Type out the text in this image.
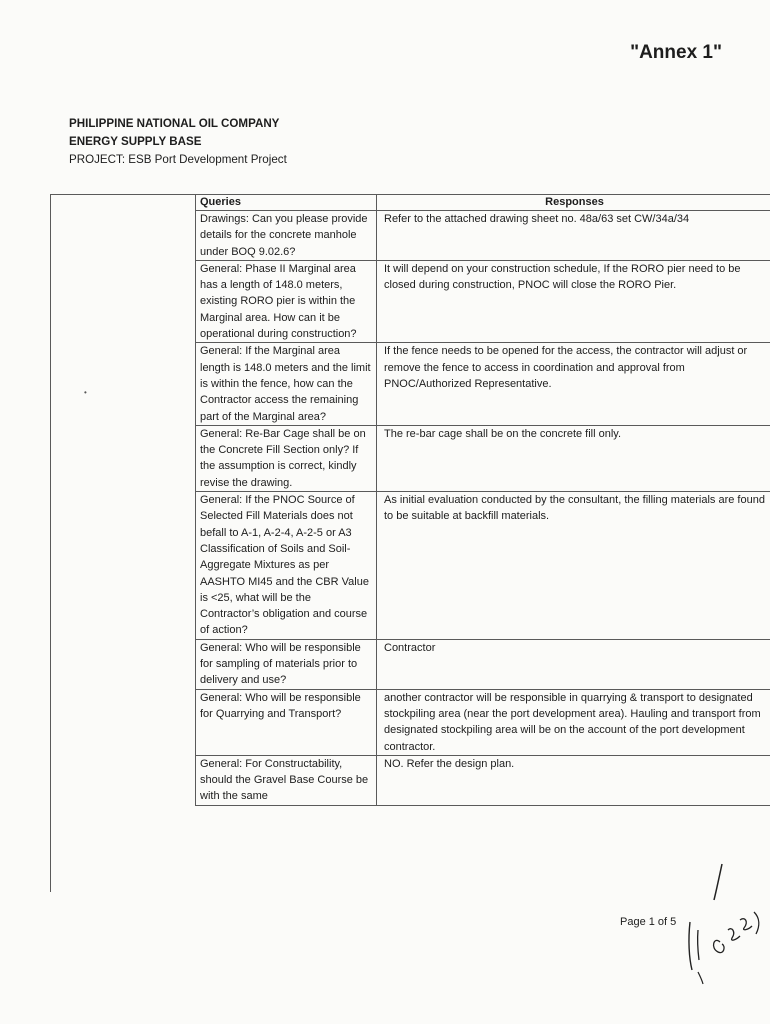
"Annex 1"
PHILIPPINE NATIONAL OIL COMPANY
ENERGY SUPPLY BASE
PROJECT: ESB Port Development Project
•
Queries	Responses
Drawings: Can you please provide details for the concrete manhole under BOQ 9.02.6?	Refer to the attached drawing sheet no. 48a/63 set CW/34a/34
General: Phase II Marginal area has a length of 148.0 meters, existing RORO pier is within the Marginal area. How can it be operational during construction?	It will depend on your construction schedule, If the RORO pier need to be closed during construction, PNOC will close the RORO Pier.
General: If the Marginal area length is 148.0 meters and the limit is within the fence, how can the Contractor access the remaining part of the Marginal area?	If the fence needs to be opened for the access, the contractor will adjust or remove the fence to access in coordination and approval from PNOC/Authorized Representative.
General: Re-Bar Cage shall be on the Concrete Fill Section only? If the assumption is correct, kindly revise the drawing.	The re-bar cage shall be on the concrete fill only.
General: If the PNOC Source of Selected Fill Materials does not befall to A-1, A-2-4, A-2-5 or A3 Classification of Soils and Soil-Aggregate Mixtures as per AASHTO MI45 and the CBR Value is <25, what will be the Contractor’s obligation and course of action?	As initial evaluation conducted by the consultant, the filling materials are found to be suitable at backfill materials.
General: Who will be responsible for sampling of materials prior to delivery and use?	Contractor
General: Who will be responsible for Quarrying and Transport?	another contractor will be responsible in quarrying & transport to designated stockpiling area (near the port development area). Hauling and transport from designated stockpiling area will be on the account of the port development contractor.
General: For Constructability, should the Gravel Base Course be with the same	NO. Refer the design plan.
Page 1 of 5
